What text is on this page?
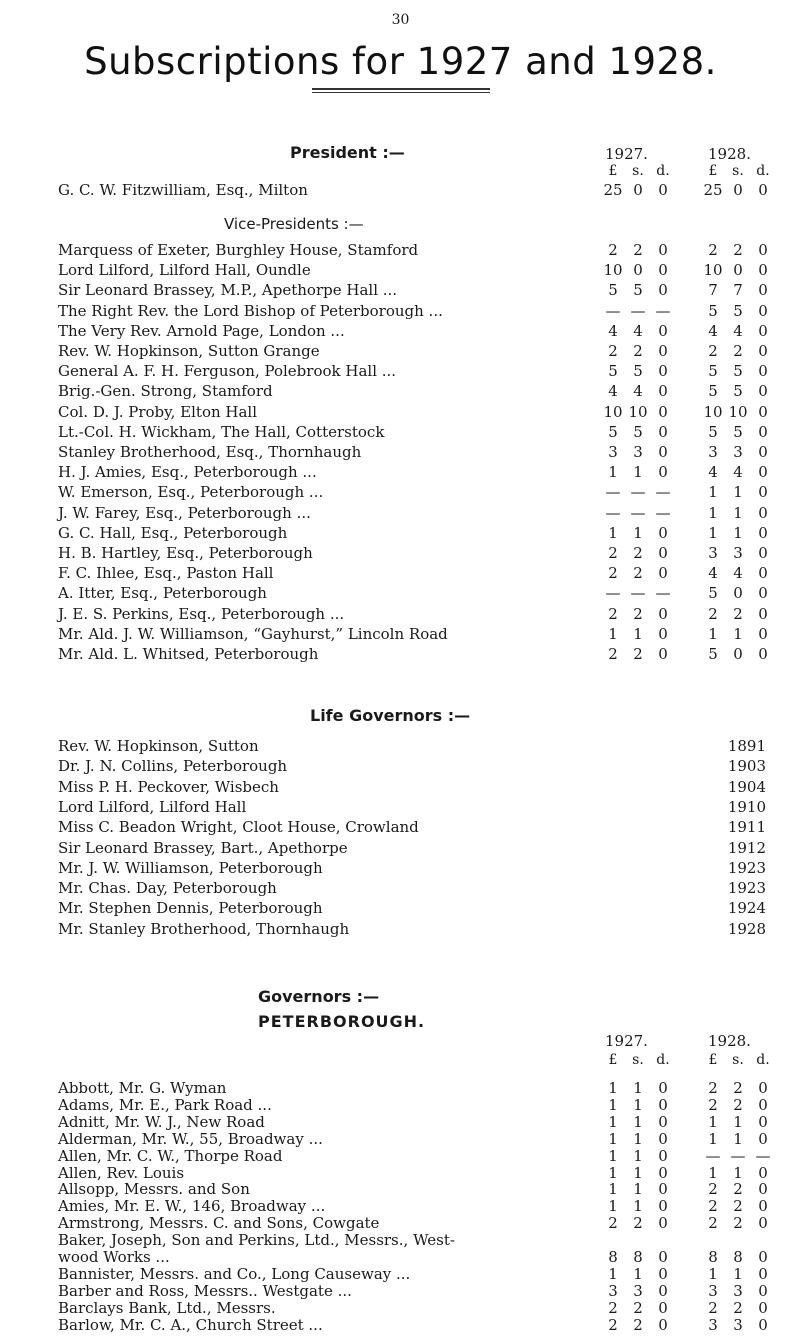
30
Subscriptions for 1927 and 1928.
President :—	1927.	1928.
£	s. d.	£	s. d.
G. C. W. Fitzwilliam, Esq., Milton	25 0	0	25 0	0
Vice-Presidents :—
Marquess of Exeter, Burghley House, Stamford	2	2	0	2	2	0
Lord Lilford, Lilford Hall, Oundle	10 0	0	10 0	0
Sir Leonard Brassey, M.P., Apethorpe Hall ...	5	5	0	7	7	0
The Right Rev. the Lord Bishop of Peterborough ...	— — —	5	5	0
The Very Rev. Arnold Page, London ...	4	4	0	4	4	0
Rev. W. Hopkinson, Sutton Grange	2	2	0	2	2	0
General A. F. H. Ferguson, Polebrook Hall ...	5	5	0	5	5	0
Brig.-Gen. Strong, Stamford	4	4	0	5	5	0
Col. D. J. Proby, Elton Hall	10 10 0	10 10 0
Lt.-Col. H. Wickham, The Hall, Cotterstock	5	5	0	5	5	0
Stanley Brotherhood, Esq., Thornhaugh	3	3	0	3	3	0
H. J. Amies, Esq., Peterborough ...	1	1	0	4	4	0
W. Emerson, Esq., Peterborough ...	— — —	1	1	0
J. W. Farey, Esq., Peterborough ...	— — —	1	1	0
G. C. Hall, Esq., Peterborough	1	1	0	1	1	0
H. B. Hartley, Esq., Peterborough	2	2	0	3	3	0
F. C. Ihlee, Esq., Paston Hall	2	2	0	4	4	0
A. Itter, Esq., Peterborough	— — —	5	0	0
J. E. S. Perkins, Esq., Peterborough ...	2	2	0	2	2	0
Mr. Ald. J. W. Williamson, “Gayhurst,” Lincoln Road	1	1	0	1	1	0
Mr. Ald. L. Whitsed, Peterborough	2	2	0	5	0	0
Life Governors :—
Rev. W. Hopkinson, Sutton	1891
Dr. J. N. Collins, Peterborough	1903
Miss P. H. Peckover, Wisbech	1904
Lord Lilford, Lilford Hall	1910
Miss C. Beadon Wright, Cloot House, Crowland	1911
Sir Leonard Brassey, Bart., Apethorpe	1912
Mr. J. W. Williamson, Peterborough	1923
Mr. Chas. Day, Peterborough	1923
Mr. Stephen Dennis, Peterborough	1924
Mr. Stanley Brotherhood, Thornhaugh	1928
Governors :—
PETERBOROUGH.
1927.	1928.
£	s. d.	£	s. d.
Abbott, Mr. G. Wyman	1	1	0	2	2	0
Adams, Mr. E., Park Road ...	1	1	0	2	2	0
Adnitt, Mr. W. J., New Road	1	1	0	1	1	0
Alderman, Mr. W., 55, Broadway ...	1	1	0	1	1	0
Allen, Mr. C. W., Thorpe Road	1	1	0	— — —
Allen, Rev. Louis	1	1	0	1	1	0
Allsopp, Messrs. and Son	1	1	0	2	2	0
Amies, Mr. E. W., 146, Broadway ...	1	1	0	2	2	0
Armstrong, Messrs. C. and Sons, Cowgate	2	2	0	2	2	0
Baker, Joseph, Son and Perkins, Ltd., Messrs., West-
wood Works ...	8	8	0	8	8	0
Bannister, Messrs. and Co., Long Causeway ...	1	1	0	1	1	0
Barber and Ross, Messrs.. Westgate ...	3	3	0	3	3	0
Barclays Bank, Ltd., Messrs.	2	2	0	2	2	0
Barlow, Mr. C. A., Church Street ...	2	2	0	3	3	0
